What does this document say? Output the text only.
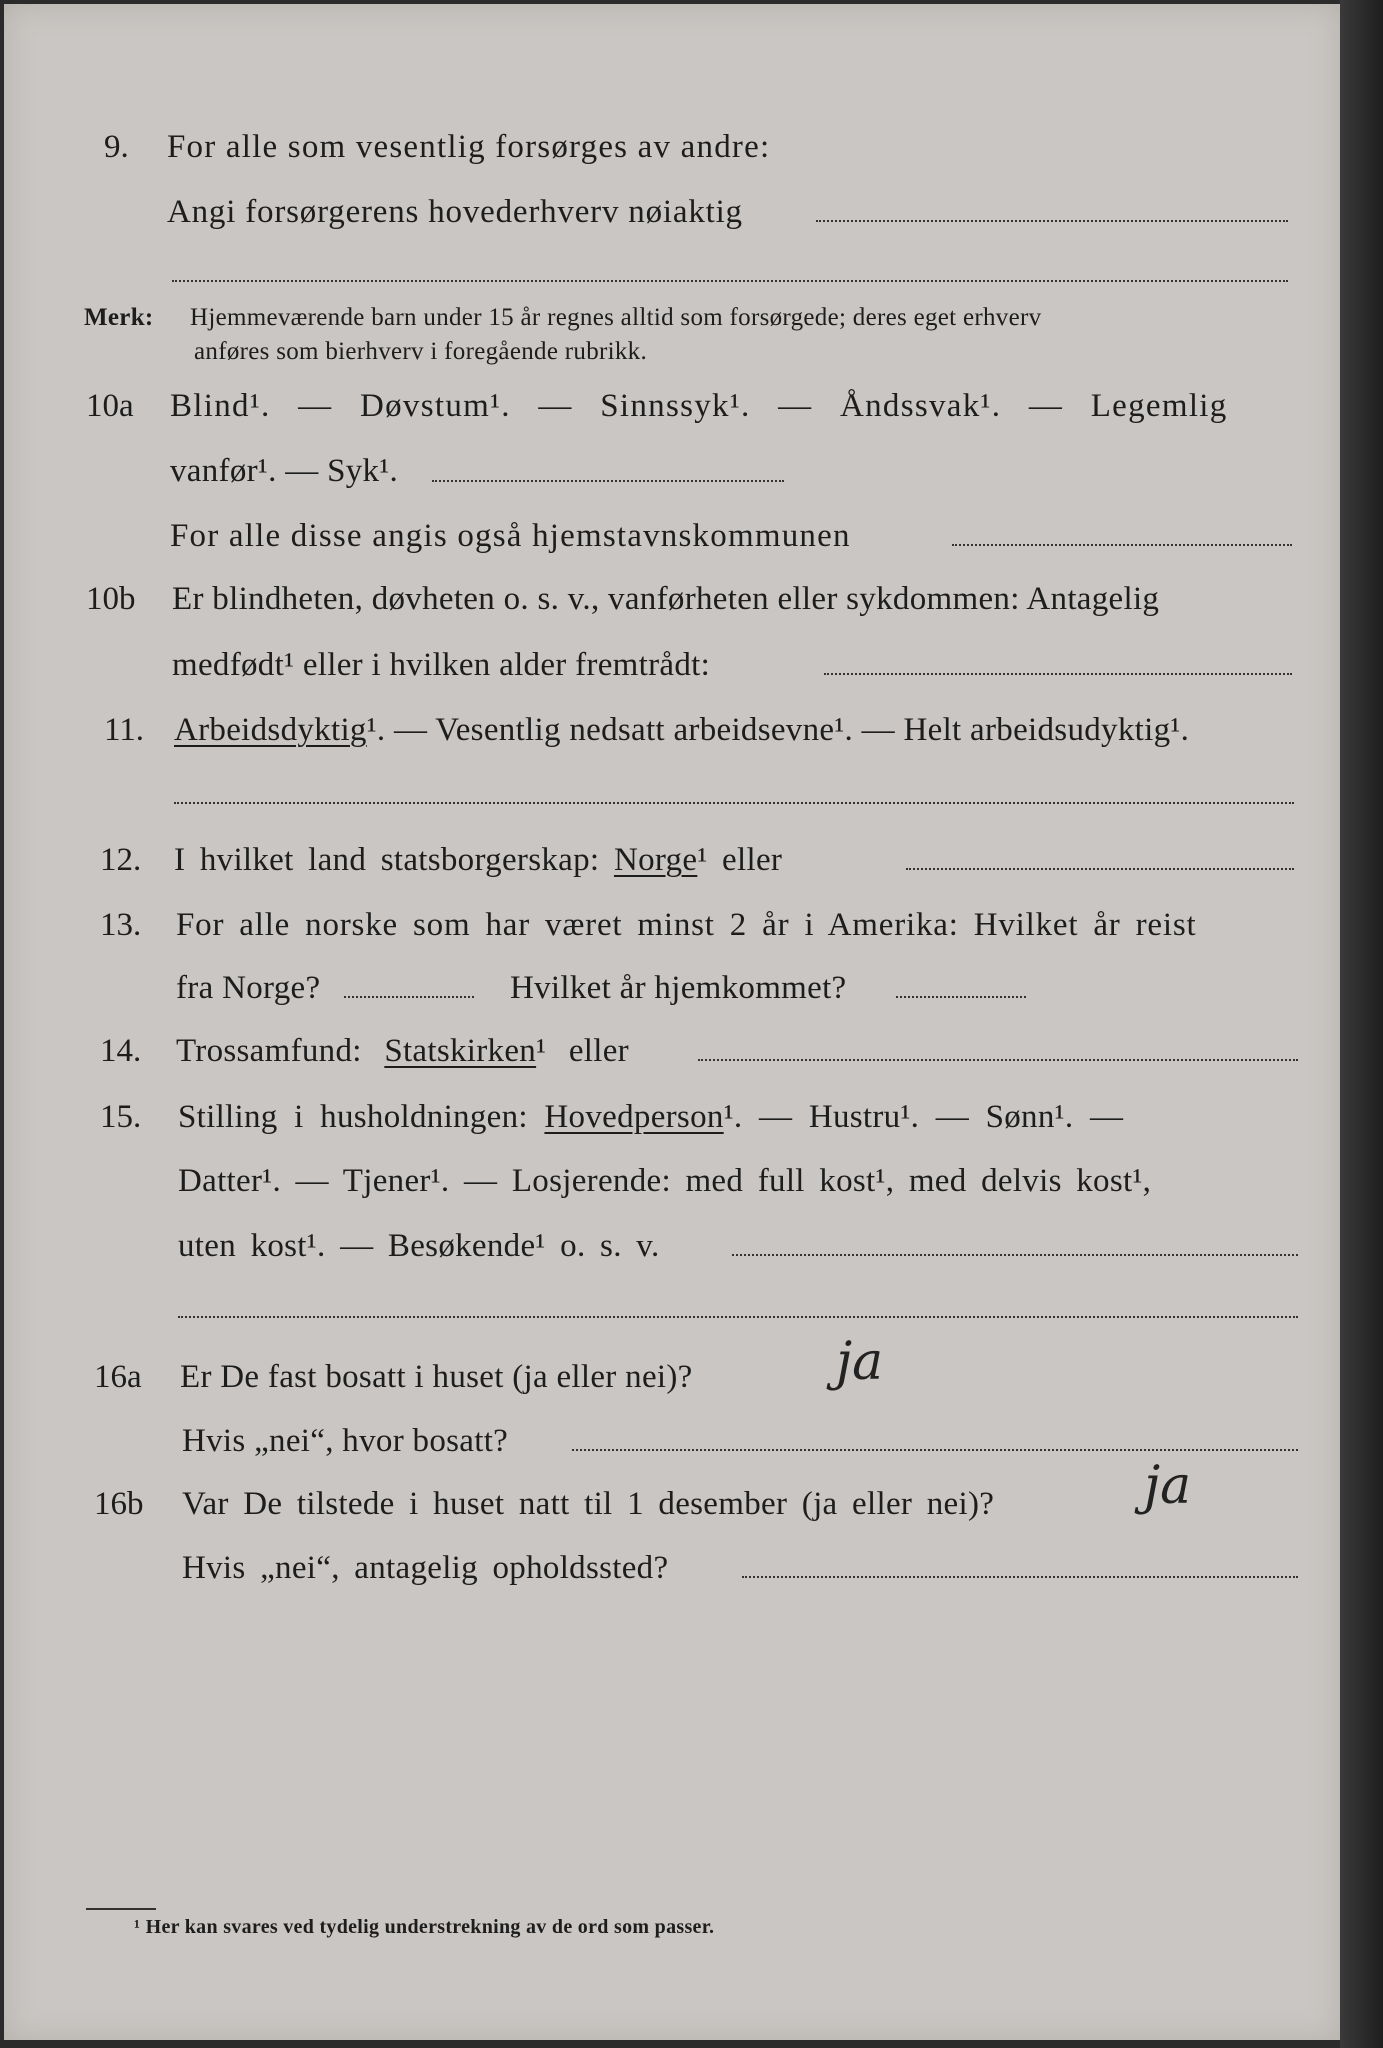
9. For alle som vesentlig forsørges av andre:
Angi forsørgerens hovederhverv nøiaktig
Merk: Hjemmeværende barn under 15 år regnes alltid som forsørgede; deres eget erhverv
anføres som bierhverv i foregående rubrikk.
10a Blind¹. — Døvstum¹. — Sinnssyk¹. — Åndssvak¹. — Legemlig
vanfør¹. — Syk¹.
For alle disse angis også hjemstavnskommunen
10b Er blindheten, døvheten o. s. v., vanførheten eller sykdommen: Antagelig
medfødt¹ eller i hvilken alder fremtrådt:
11. Arbeidsdyktig¹. — Vesentlig nedsatt arbeidsevne¹. — Helt arbeidsudyktig¹.
12. I hvilket land statsborgerskap: Norge¹ eller
13. For alle norske som har været minst 2 år i Amerika: Hvilket år reist
fra Norge?	Hvilket år hjemkommet?
14. Trossamfund: Statskirken¹ eller
15. Stilling i husholdningen: Hovedperson¹. — Hustru¹. — Sønn¹. —
Datter¹. — Tjener¹. — Losjerende: med full kost¹, med delvis kost¹,
uten kost¹. — Besøkende¹ o. s. v.
16a Er De fast bosatt i huset (ja eller nei)?	ja
Hvis „nei“, hvor bosatt?
16b Var De tilstede i huset natt til 1 desember (ja eller nei)?	ja
Hvis „nei“, antagelig opholdssted?
¹ Her kan svares ved tydelig understrekning av de ord som passer.
